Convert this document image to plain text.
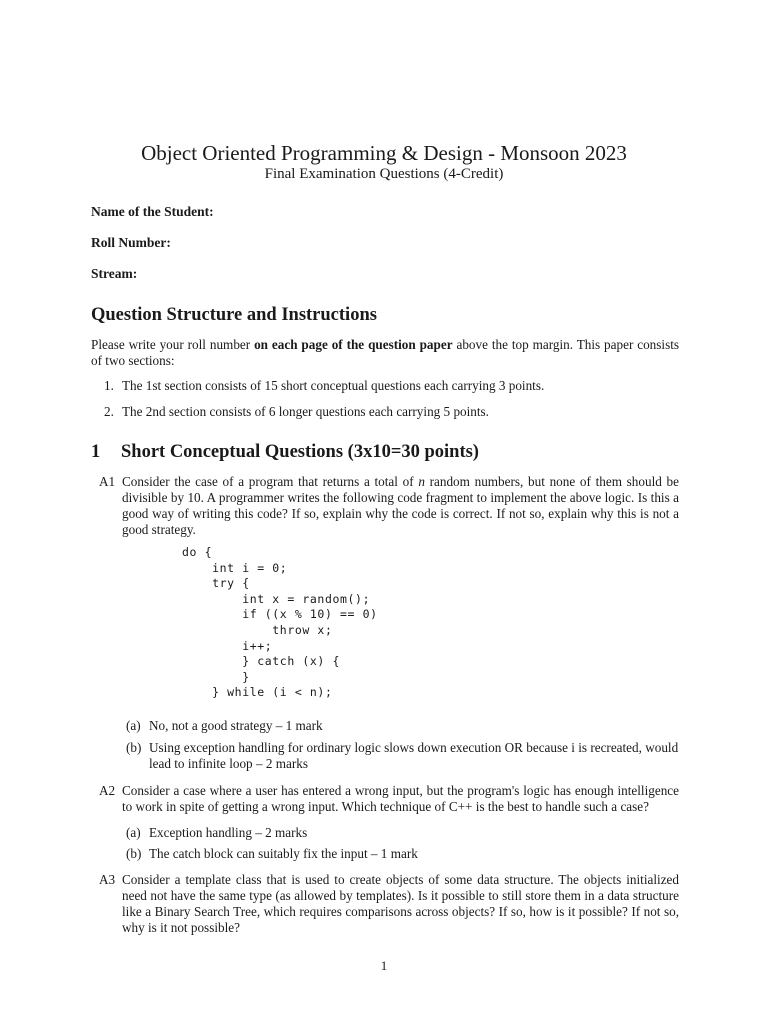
Object Oriented Programming & Design - Monsoon 2023
Final Examination Questions (4-Credit)
Name of the Student:
Roll Number:
Stream:
Question Structure and Instructions
Please write your roll number on each page of the question paper above the top margin. This paper consists of two sections:
1. The 1st section consists of 15 short conceptual questions each carrying 3 points.
2. The 2nd section consists of 6 longer questions each carrying 5 points.
1 Short Conceptual Questions (3x10=30 points)
A1 Consider the case of a program that returns a total of n random numbers, but none of them should be divisible by 10. A programmer writes the following code fragment to implement the above logic. Is this a good way of writing this code? If so, explain why the code is correct. If not so, explain why this is not a good strategy.
do {
int i = 0;
try {
int x = random();
if ((x % 10) == 0)
throw x;
i++;
} catch (x) {
}
} while (i < n);
(a) No, not a good strategy – 1 mark
(b) Using exception handling for ordinary logic slows down execution OR because i is recreated, would lead to infinite loop – 2 marks
A2 Consider a case where a user has entered a wrong input, but the program's logic has enough intelligence to work in spite of getting a wrong input. Which technique of C++ is the best to handle such a case?
(a) Exception handling – 2 marks
(b) The catch block can suitably fix the input – 1 mark
A3 Consider a template class that is used to create objects of some data structure. The objects initialized need not have the same type (as allowed by templates). Is it possible to still store them in a data structure like a Binary Search Tree, which requires comparisons across objects? If so, how is it possible? If not so, why is it not possible?
1
